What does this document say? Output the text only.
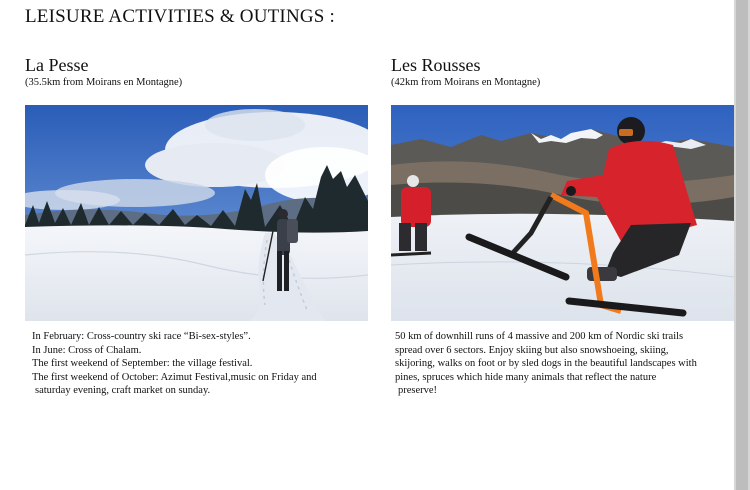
LEISURE ACTIVITIES & OUTINGS :
La Pesse
(35.5km from Moirans en Montagne)
In February: Cross-country ski race “Bi-sex-styles”.
In June: Cross of Chalam.
The first weekend of September: the village festival.
The first weekend of October: Azimut Festival,music on Friday and
saturday evening, craft market on sunday.
Les Rousses
(42km from Moirans en Montagne)
50 km of downhill runs of 4 massive and 200 km of Nordic ski trails
spread over 6 sectors. Enjoy skiing but also snowshoeing, skiing,
skijoring, walks on foot or by sled dogs in the beautiful landscapes with
pines, spruces which hide many animals that reflect the nature
preserve!
